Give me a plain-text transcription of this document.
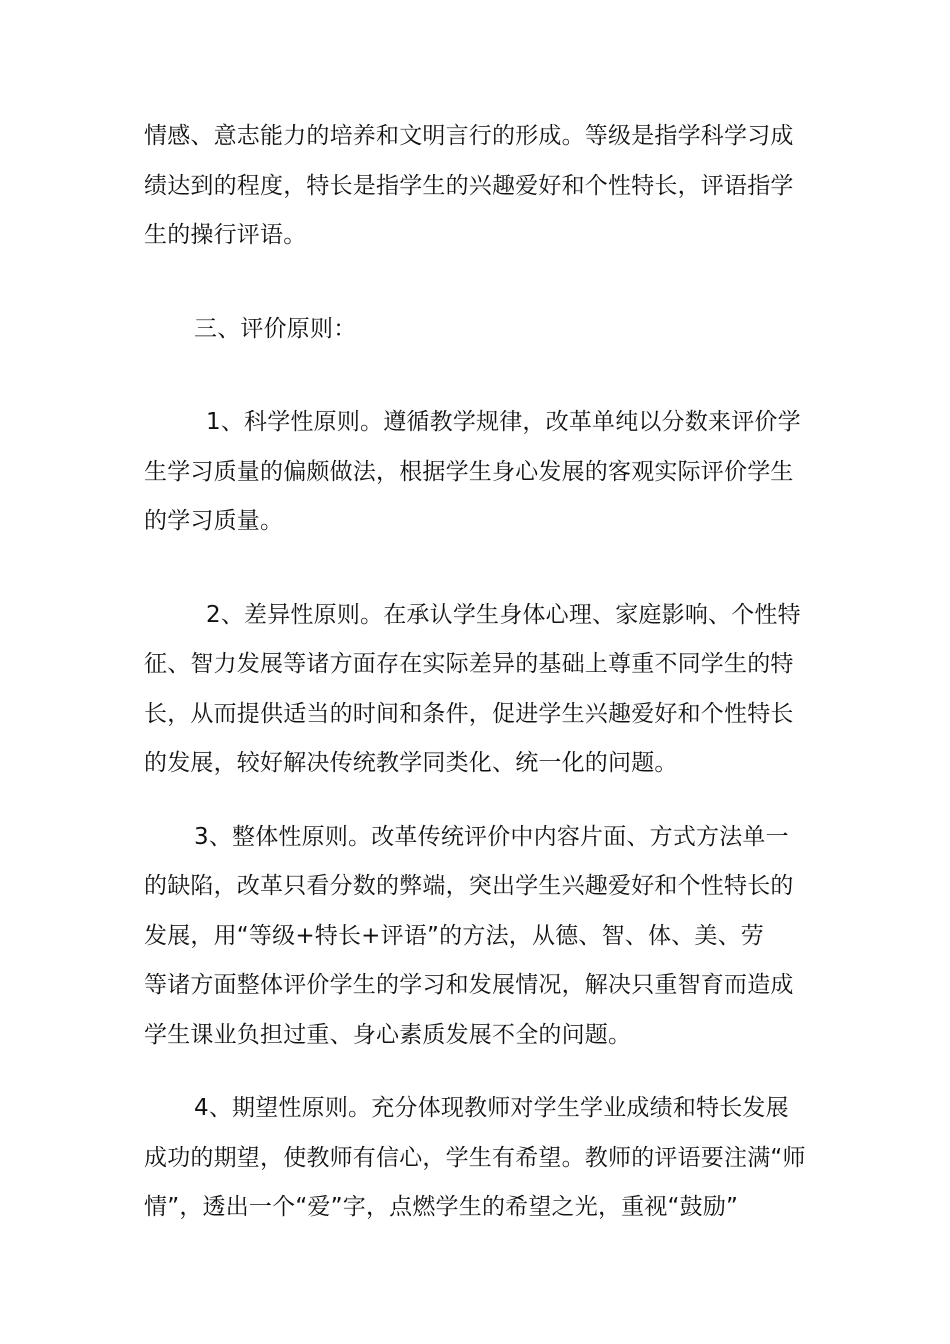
情感、意志能力的培养和文明言行的形成。等级是指学科学习成
绩达到的程度，特长是指学生的兴趣爱好和个性特长，评语指学
生的操行评语。
三、评价原则：
1、科学性原则。遵循教学规律，改革单纯以分数来评价学
生学习质量的偏颇做法，根据学生身心发展的客观实际评价学生
的学习质量。
2、差异性原则。在承认学生身体心理、家庭影响、个性特
征、智力发展等诸方面存在实际差异的基础上尊重不同学生的特
长，从而提供适当的时间和条件，促进学生兴趣爱好和个性特长
的发展，较好解决传统教学同类化、统一化的问题。
3、整体性原则。改革传统评价中内容片面、方式方法单一
的缺陷，改革只看分数的弊端，突出学生兴趣爱好和个性特长的
发展，用“等级+特长+评语”的方法，从德、智、体、美、劳
等诸方面整体评价学生的学习和发展情况，解决只重智育而造成
学生课业负担过重、身心素质发展不全的问题。
4、期望性原则。充分体现教师对学生学业成绩和特长发展
成功的期望，使教师有信心，学生有希望。教师的评语要注满“师
情”，透出一个“爱”字，点燃学生的希望之光，重视“鼓励”
